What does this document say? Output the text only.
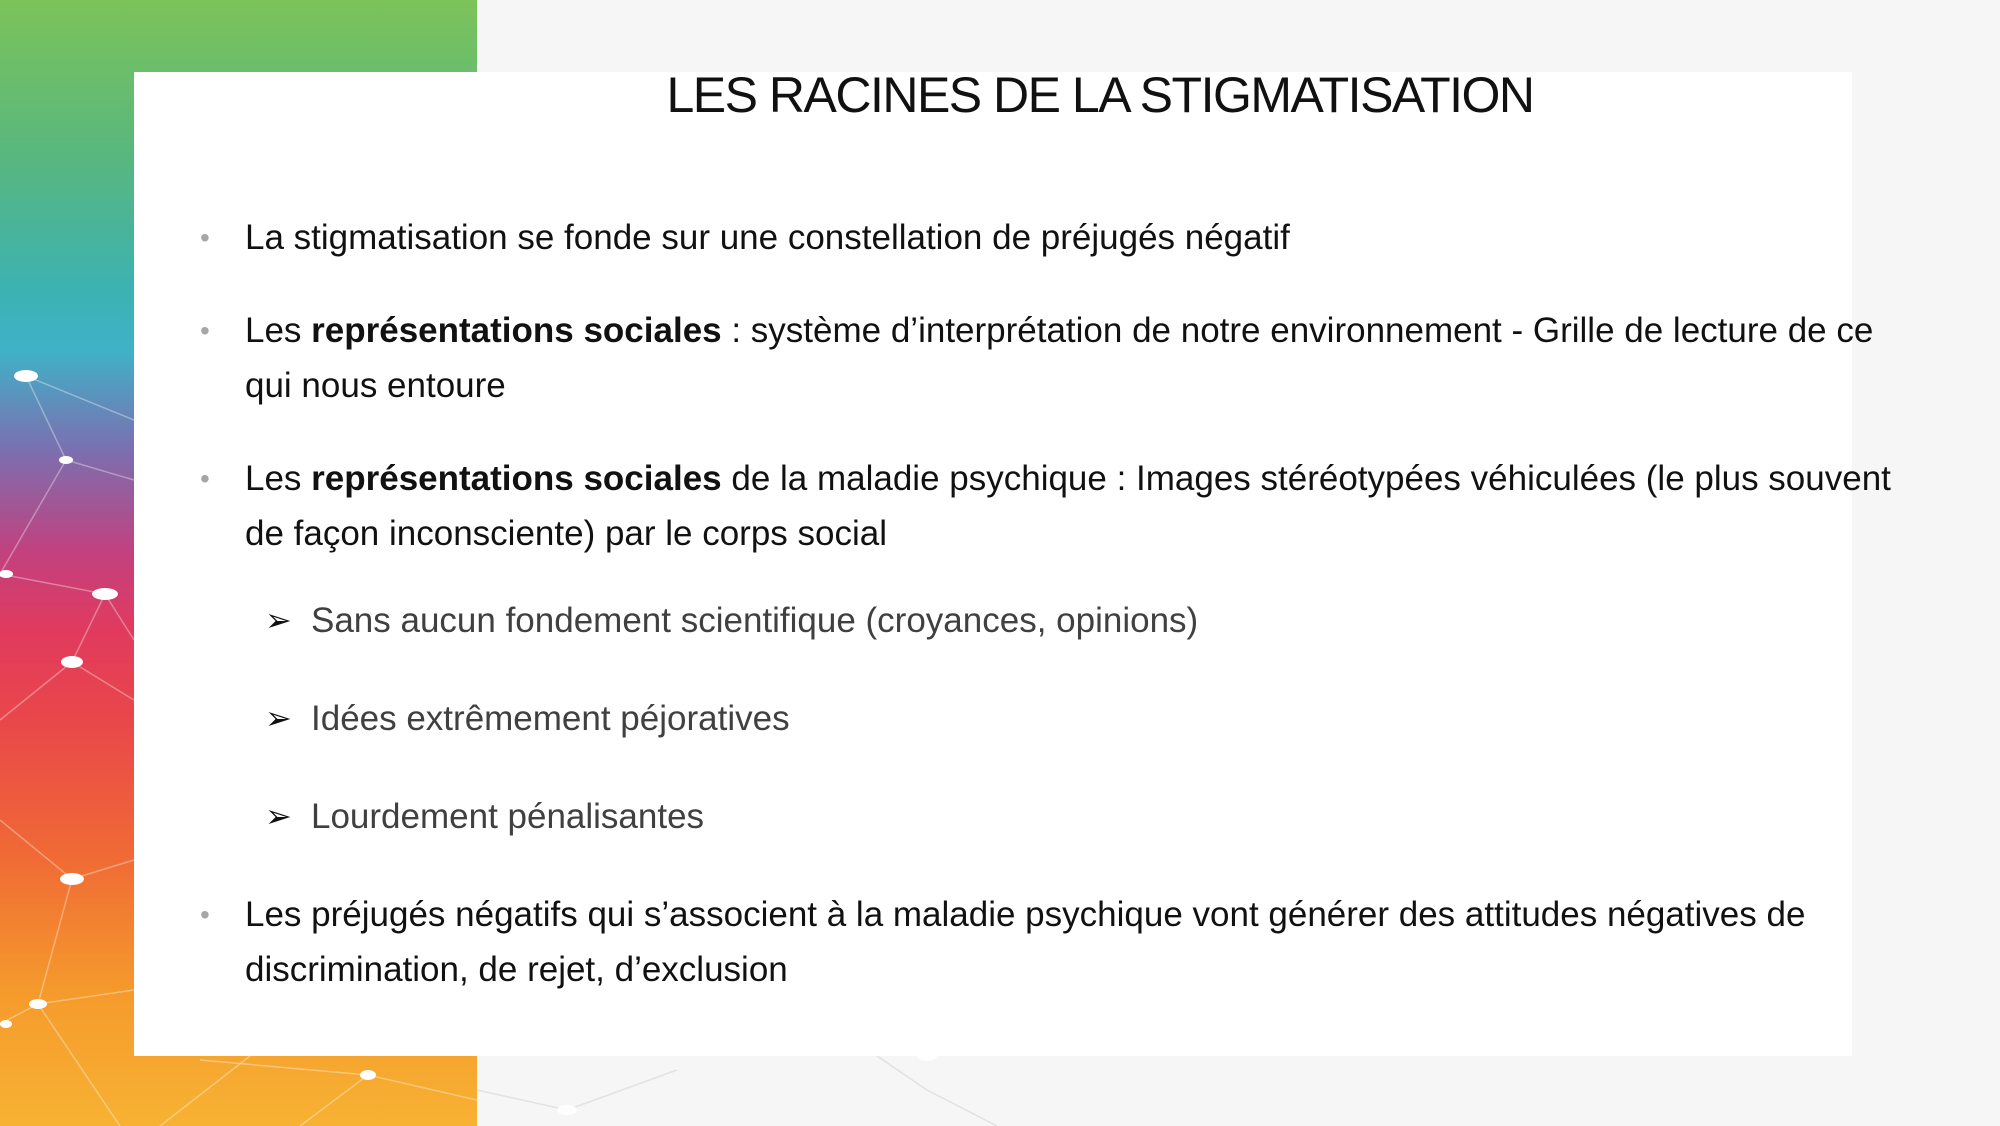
LES RACINES DE LA STIGMATISATION
• La stigmatisation se fonde sur une constellation de préjugés négatif
• Les représentations sociales : système d’interprétation de notre environnement - Grille de lecture de ce qui nous entoure
• Les représentations sociales de la maladie psychique : Images stéréotypées véhiculées (le plus souvent de façon inconsciente) par le corps social
➢ Sans aucun fondement scientifique (croyances, opinions)
➢ Idées extrêmement péjoratives
➢ Lourdement pénalisantes
• Les préjugés négatifs qui s’associent à la maladie psychique vont générer des attitudes négatives de discrimination, de rejet, d’exclusion
